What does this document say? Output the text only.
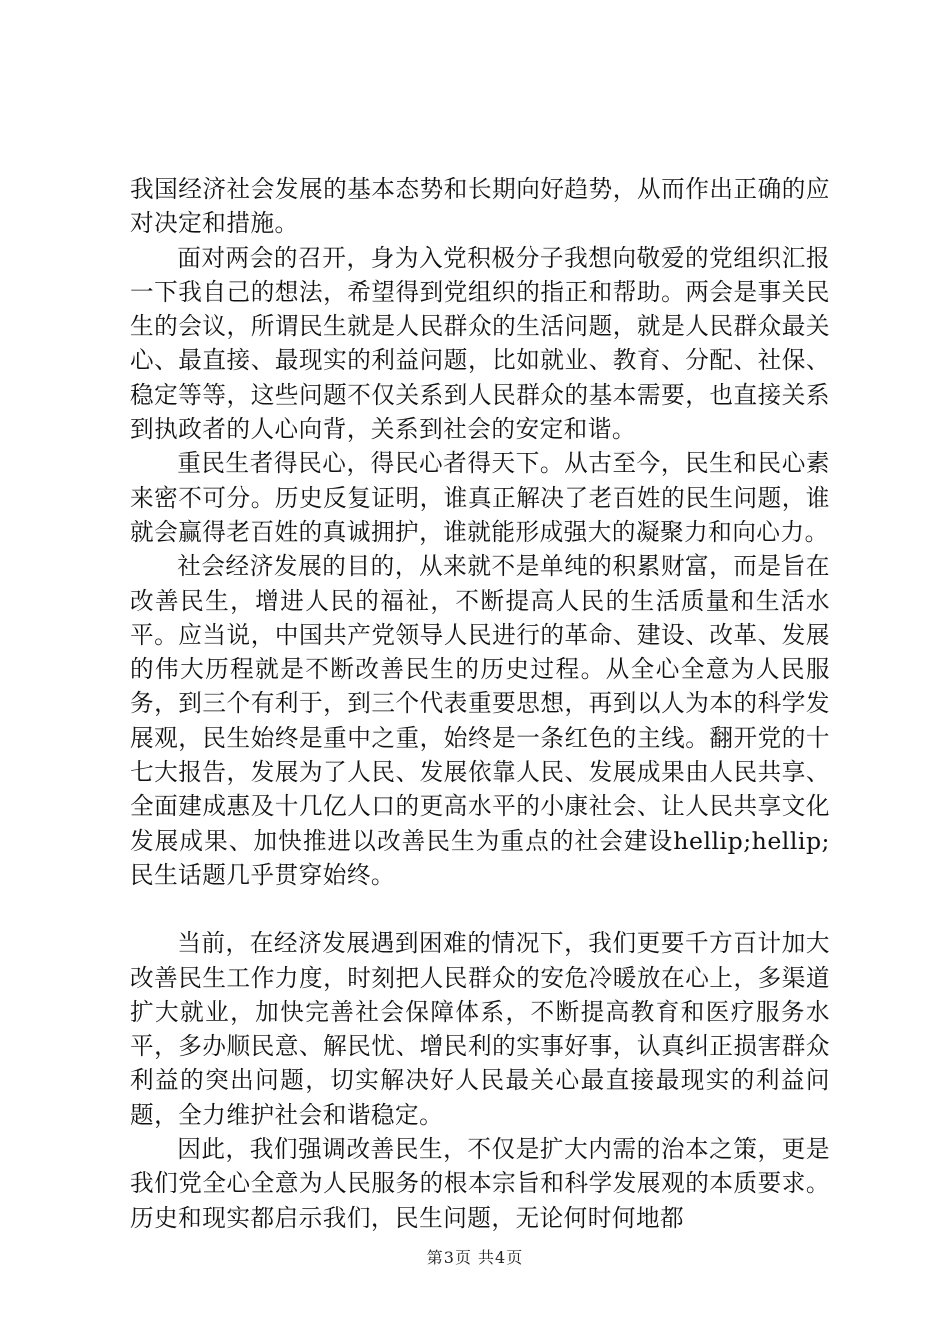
我国经济社会发展的基本态势和长期向好趋势，从而作出正确的应对决定和措施。

面对两会的召开，身为入党积极分子我想向敬爱的党组织汇报一下我自己的想法，希望得到党组织的指正和帮助。两会是事关民生的会议，所谓民生就是人民群众的生活问题，就是人民群众最关心、最直接、最现实的利益问题，比如就业、教育、分配、社保、稳定等等，这些问题不仅关系到人民群众的基本需要，也直接关系到执政者的人心向背，关系到社会的安定和谐。

重民生者得民心，得民心者得天下。从古至今，民生和民心素来密不可分。历史反复证明，谁真正解决了老百姓的民生问题，谁就会赢得老百姓的真诚拥护，谁就能形成强大的凝聚力和向心力。

社会经济发展的目的，从来就不是单纯的积累财富，而是旨在改善民生，增进人民的福祉，不断提高人民的生活质量和生活水平。应当说，中国共产党领导人民进行的革命、建设、改革、发展的伟大历程就是不断改善民生的历史过程。从全心全意为人民服务，到三个有利于，到三个代表重要思想，再到以人为本的科学发展观，民生始终是重中之重，始终是一条红色的主线。翻开党的十七大报告，发展为了人民、发展依靠人民、发展成果由人民共享、全面建成惠及十几亿人口的更高水平的小康社会、让人民共享文化发展成果、加快推进以改善民生为重点的社会建设hellip;hellip;民生话题几乎贯穿始终。

当前，在经济发展遇到困难的情况下，我们更要千方百计加大改善民生工作力度，时刻把人民群众的安危冷暖放在心上，多渠道扩大就业，加快完善社会保障体系，不断提高教育和医疗服务水平，多办顺民意、解民忧、增民利的实事好事，认真纠正损害群众利益的突出问题，切实解决好人民最关心最直接最现实的利益问题，全力维护社会和谐稳定。

因此，我们强调改善民生，不仅是扩大内需的治本之策，更是我们党全心全意为人民服务的根本宗旨和科学发展观的本质要求。历史和现实都启示我们，民生问题，无论何时何地都

第3页 共4页
